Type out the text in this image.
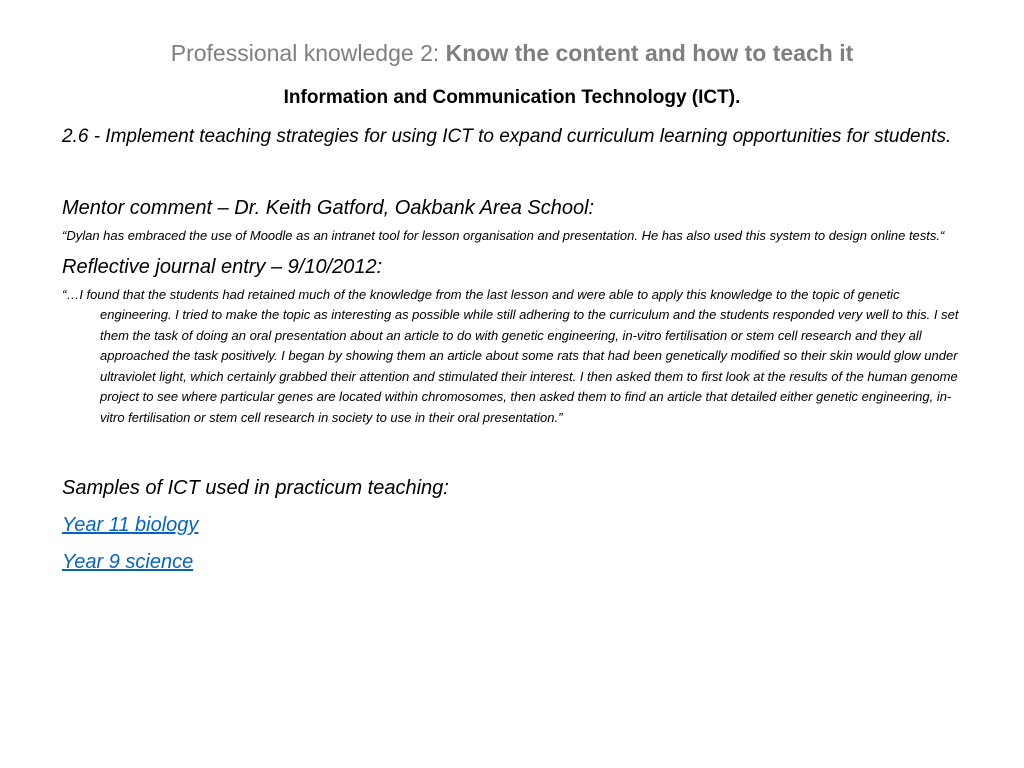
Professional knowledge 2: Know the content and how to teach it
Information and Communication Technology (ICT).

2.6 - Implement teaching strategies for using ICT to expand curriculum learning opportunities for students.

Mentor comment – Dr. Keith Gatford, Oakbank Area School:

“Dylan has embraced the use of Moodle as an intranet tool for lesson organisation and presentation. He has also used this system to design online tests.“

Reflective journal entry – 9/10/2012:

“…I found that the students had retained much of the knowledge from the last lesson and were able to apply this knowledge to the topic of genetic engineering. I tried to make the topic as interesting as possible while still adhering to the curriculum and the students responded very well to this. I set them the task of doing an oral presentation about an article to do with genetic engineering, in-vitro fertilisation or stem cell research and they all approached the task positively. I began by showing them an article about some rats that had been genetically modified so their skin would glow under ultraviolet light, which certainly grabbed their attention and stimulated their interest. I then asked them to first look at the results of the human genome project to see where particular genes are located within chromosomes, then asked them to find an article that detailed either genetic engineering, in-vitro fertilisation or stem cell research in society to use in their oral presentation.”

Samples of ICT used in practicum teaching:

Year 11 biology

Year 9 science
